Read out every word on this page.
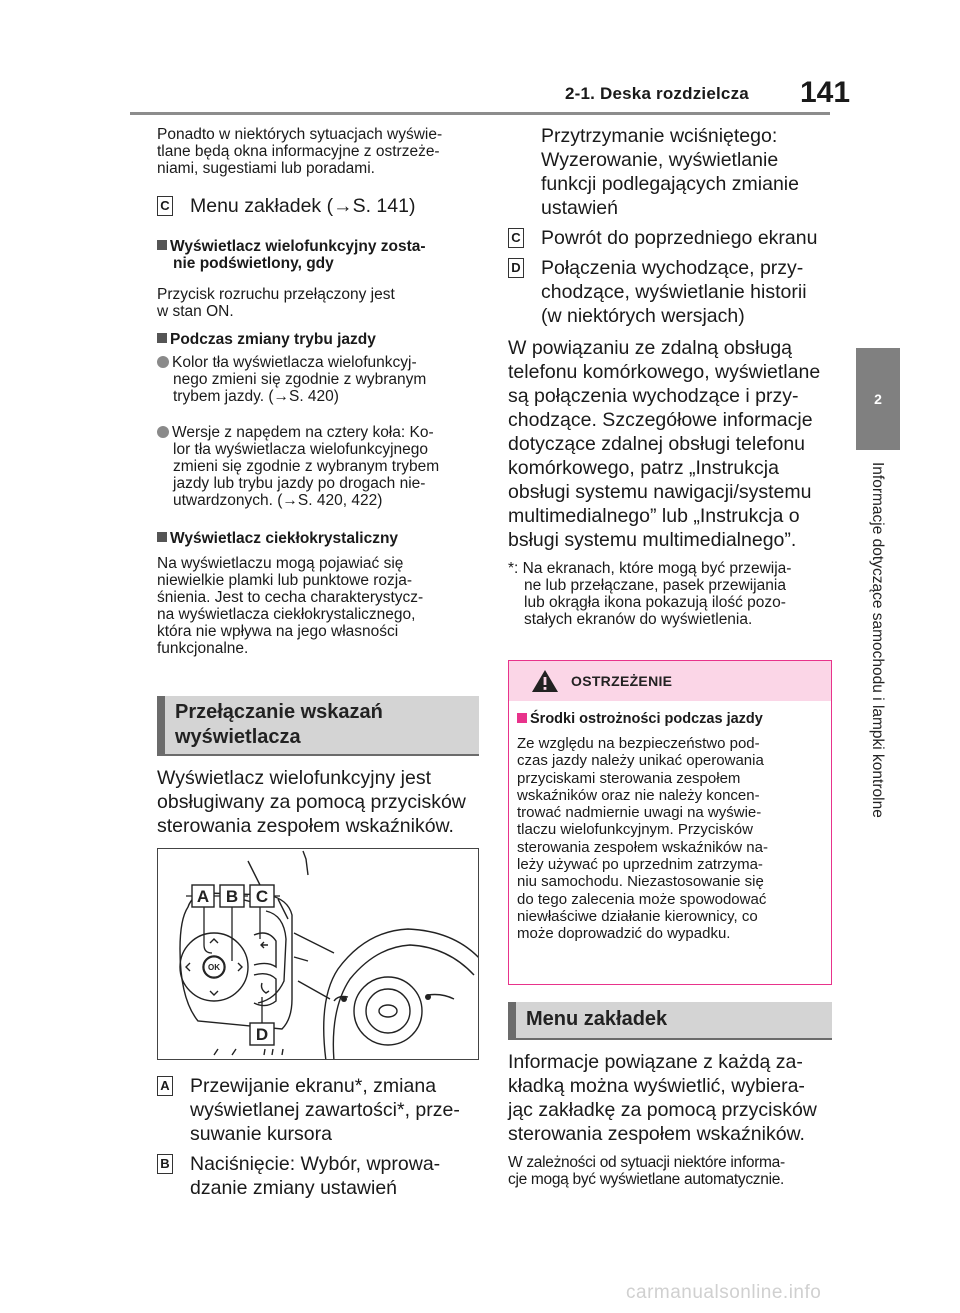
2-1. Deska rozdzielcza 141
2
Informacje dotyczące samochodu i lampki kontrolne
Ponadto w niektórych sytuacjach wyświe-
tlane będą okna informacyjne z ostrzeże-
niami, sugestiami lub poradami.
C Menu zakładek (→S. 141)
Wyświetlacz wielofunkcyjny zosta-
nie podświetlony, gdy
Przycisk rozruchu przełączony jest
w stan ON.
Podczas zmiany trybu jazdy
Kolor tła wyświetlacza wielofunkcyj-
nego zmieni się zgodnie z wybranym
trybem jazdy. (→S. 420)
Wersje z napędem na cztery koła: Ko-
lor tła wyświetlacza wielofunkcyjnego
zmieni się zgodnie z wybranym trybem
jazdy lub trybu jazdy po drogach nie-
utwardzonych. (→S. 420, 422)
Wyświetlacz ciekłokrystaliczny
Na wyświetlaczu mogą pojawiać się
niewielkie plamki lub punktowe rozja-
śnienia. Jest to cecha charakterystycz-
na wyświetlacza ciekłokrystalicznego,
która nie wpływa na jego własności
funkcjonalne.
Przełączanie wskazań
wyświetlacza
Wyświetlacz wielofunkcyjny jest
obsługiwany za pomocą przycisków
sterowania zespołem wskaźników.
OK
A B C
D
A Przewijanie ekranu*, zmiana
wyświetlanej zawartości*, prze-
suwanie kursora
B Naciśnięcie: Wybór, wprowa-
dzanie zmiany ustawień
Przytrzymanie wciśniętego:
Wyzerowanie, wyświetlanie
funkcji podlegających zmianie
ustawień
C Powrót do poprzedniego ekranu
D Połączenia wychodzące, przy-
chodzące, wyświetlanie historii
(w niektórych wersjach)
W powiązaniu ze zdalną obsługą
telefonu komórkowego, wyświetlane
są połączenia wychodzące i przy-
chodzące. Szczegółowe informacje
dotyczące zdalnej obsługi telefonu
komórkowego, patrz „Instrukcja
obsługi systemu nawigacji/systemu
multimedialnego” lub „Instrukcja o
bsługi systemu multimedialnego”.
*: Na ekranach, które mogą być przewija-
ne lub przełączane, pasek przewijania
lub okrągła ikona pokazują ilość pozo-
stałych ekranów do wyświetlenia.
OSTRZEŻENIE
Środki ostrożności podczas jazdy
Ze względu na bezpieczeństwo pod-
czas jazdy należy unikać operowania
przyciskami sterowania zespołem
wskaźników oraz nie należy koncen-
trować nadmiernie uwagi na wyświe-
tlaczu wielofunkcyjnym. Przycisków
sterowania zespołem wskaźników na-
leży używać po uprzednim zatrzyma-
niu samochodu. Niezastosowanie się
do tego zalecenia może spowodować
niewłaściwe działanie kierownicy, co
może doprowadzić do wypadku.
Menu zakładek
Informacje powiązane z każdą za-
kładką można wyświetlić, wybiera-
jąc zakładkę za pomocą przycisków
sterowania zespołem wskaźników.
W zależności od sytuacji niektóre informa-
cje mogą być wyświetlane automatycznie.
carmanualsonline.info
